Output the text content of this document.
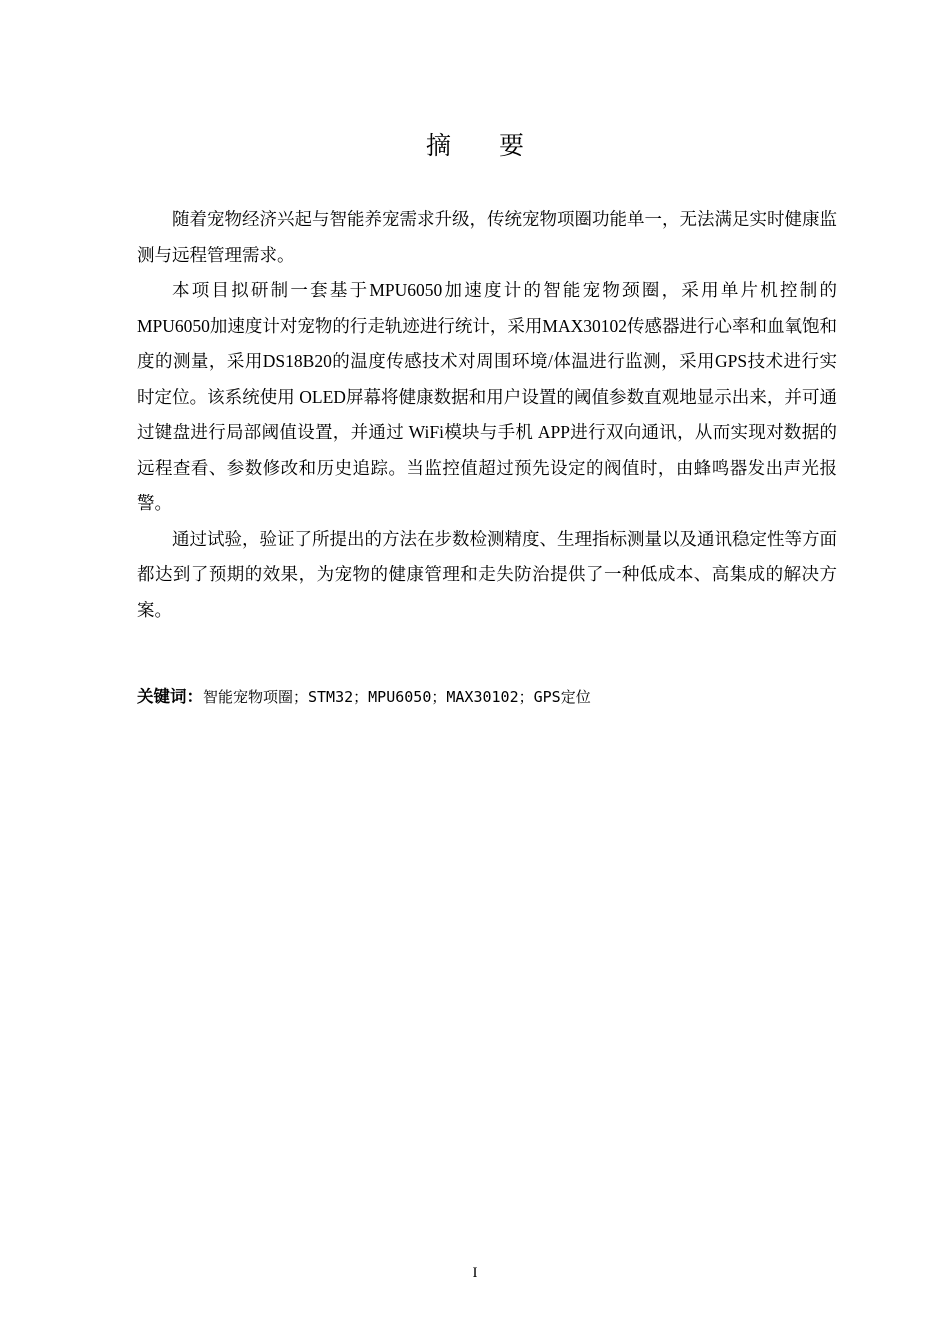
摘要

随着宠物经济兴起与智能养宠需求升级，传统宠物项圈功能单一，无法满足实时健康监测与远程管理需求。

本项目拟研制一套基于MPU6050加速度计的智能宠物颈圈，采用单片机控制的MPU6050加速度计对宠物的行走轨迹进行统计，采用MAX30102传感器进行心率和血氧饱和度的测量，采用DS18B20的温度传感技术对周围环境/体温进行监测，采用GPS技术进行实时定位。该系统使用 OLED屏幕将健康数据和用户设置的阈值参数直观地显示出来，并可通过键盘进行局部阈值设置，并通过 WiFi模块与手机 APP进行双向通讯，从而实现对数据的远程查看、参数修改和历史追踪。当监控值超过预先设定的阀值时，由蜂鸣器发出声光报警。

通过试验，验证了所提出的方法在步数检测精度、生理指标测量以及通讯稳定性等方面都达到了预期的效果，为宠物的健康管理和走失防治提供了一种低成本、高集成的解决方案。

关键词：智能宠物项圈；STM32；MPU6050；MAX30102；GPS定位
I
